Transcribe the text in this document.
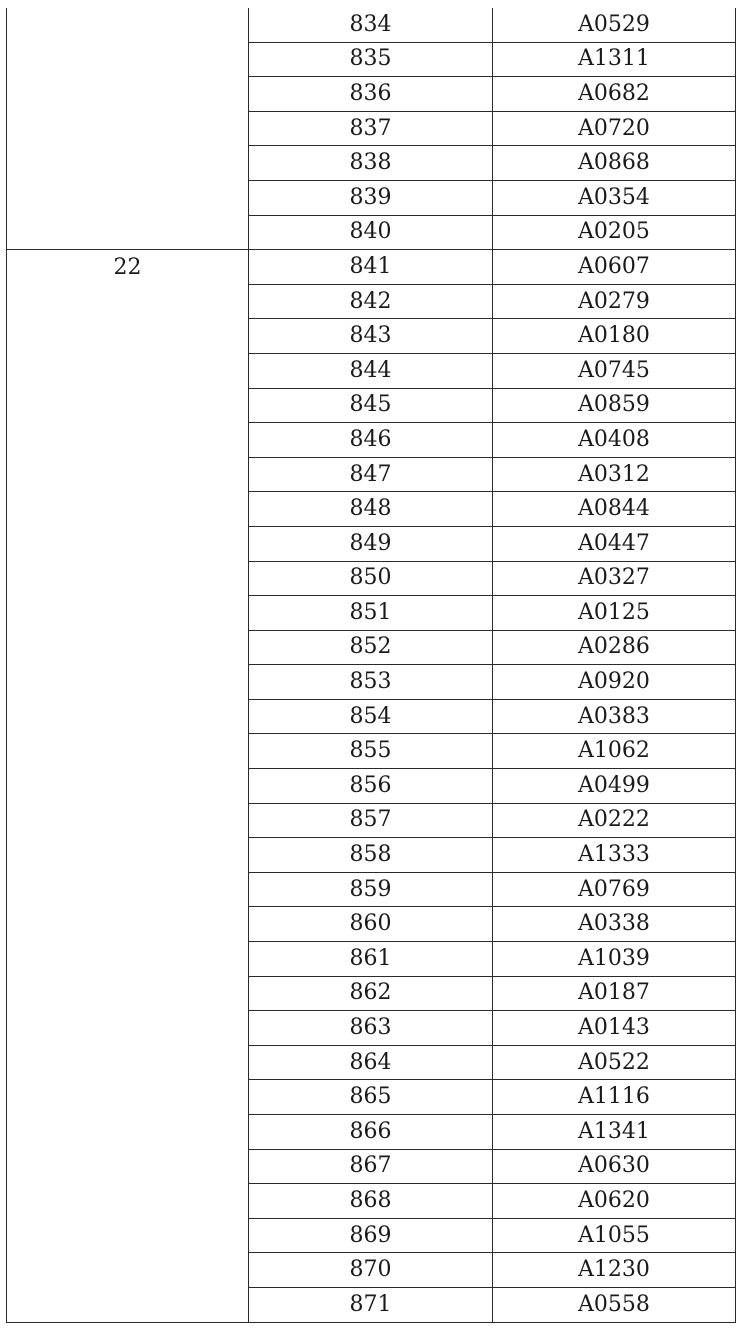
	834	A0529
	835	A1311
	836	A0682
	837	A0720
	838	A0868
	839	A0354
	840	A0205
22	841	A0607
	842	A0279
	843	A0180
	844	A0745
	845	A0859
	846	A0408
	847	A0312
	848	A0844
	849	A0447
	850	A0327
	851	A0125
	852	A0286
	853	A0920
	854	A0383
	855	A1062
	856	A0499
	857	A0222
	858	A1333
	859	A0769
	860	A0338
	861	A1039
	862	A0187
	863	A0143
	864	A0522
	865	A1116
	866	A1341
	867	A0630
	868	A0620
	869	A1055
	870	A1230
	871	A0558
